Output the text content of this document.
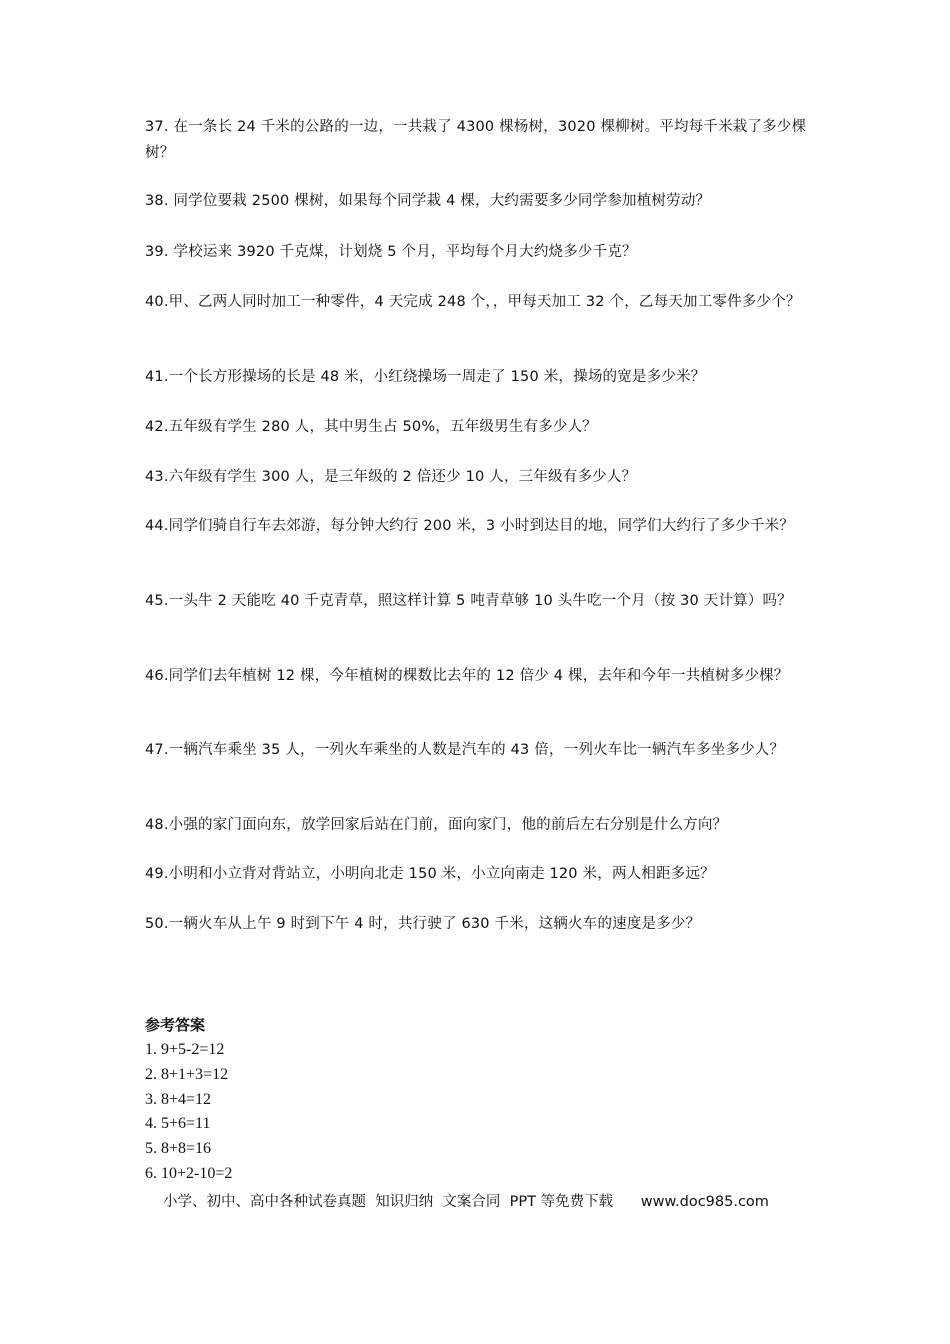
37. 在一条长 24 千米的公路的一边，一共栽了 4300 棵杨树，3020 棵柳树。平均每千米栽了多少棵树？
38. 同学位要栽 2500 棵树，如果每个同学栽 4 棵，大约需要多少同学参加植树劳动？
39. 学校运来 3920 千克煤，计划烧 5 个月，平均每个月大约烧多少千克？
40.甲、乙两人同时加工一种零件，4 天完成 248 个，，甲每天加工 32 个，乙每天加工零件多少个？
41.一个长方形操场的长是 48 米，小红绕操场一周走了 150 米，操场的宽是多少米？
42.五年级有学生 280 人，其中男生占 50%，五年级男生有多少人？
43.六年级有学生 300 人，是三年级的 2 倍还少 10 人，三年级有多少人？
44.同学们骑自行车去郊游，每分钟大约行 200 米，3 小时到达目的地，同学们大约行了多少千米？
45.一头牛 2 天能吃 40 千克青草，照这样计算 5 吨青草够 10 头牛吃一个月（按 30 天计算）吗？
46.同学们去年植树 12 棵，今年植树的棵数比去年的 12 倍少 4 棵，去年和今年一共植树多少棵？
47.一辆汽车乘坐 35 人，一列火车乘坐的人数是汽车的 43 倍，一列火车比一辆汽车多坐多少人？
48.小强的家门面向东，放学回家后站在门前，面向家门，他的前后左右分别是什么方向？
49.小明和小立背对背站立，小明向北走 150 米，小立向南走 120 米，两人相距多远？
50.一辆火车从上午 9 时到下午 4 时，共行驶了 630 千米，这辆火车的速度是多少？
参考答案
1. 9+5-2=12
2. 8+1+3=12
3. 8+4=12
4. 5+6=11
5. 8+8=16
6. 10+2-10=2
小学、初中、高中各种试卷真题  知识归纳  文案合同  PPT 等免费下载 www.doc985.com
